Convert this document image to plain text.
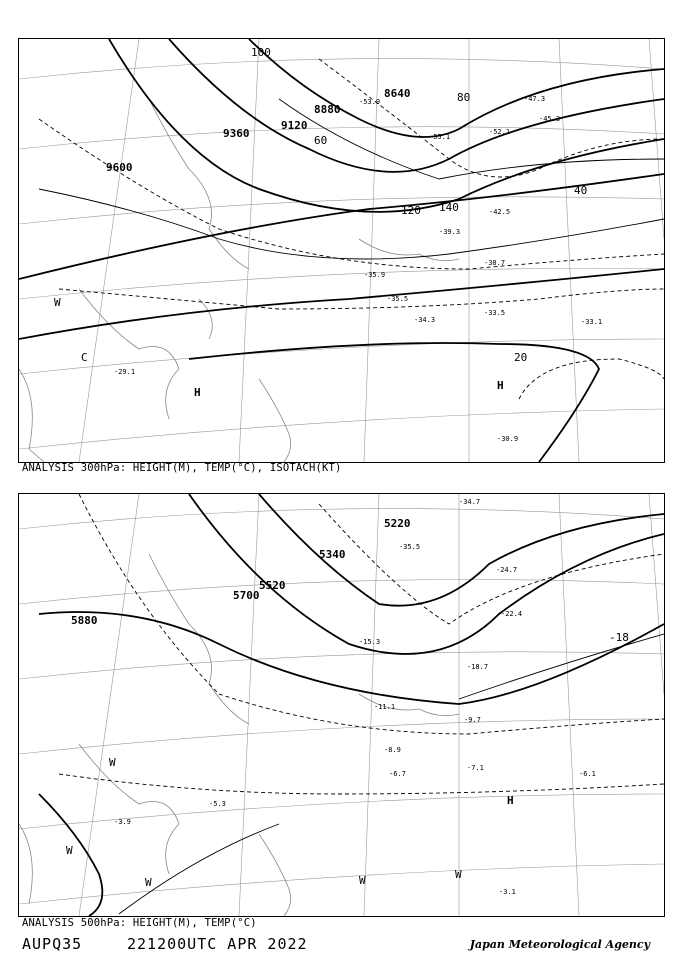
9600
9360
9120
8880
8640
100
80
60
40
20
120 140
-39.3
-35.9
-35.5
-33.5
-34.3	-33.1
-30.9
-29.1
-38.7
-42.5
-47.3
-52.1
-55.1
-45.3
-53.9
H
H
W
C
ANALYSIS 300hPa: HEIGHT(M), TEMP(°C), ISOTACH(KT)
5880
5700
5520
5340
5220
-18
-24.7
-22.4
-18.7
-9.7
-7.1
-6.7	-6.1
-3.1
-3.9
-5.3
-8.9
-11.1
-15.3
-35.5
-34.7
H
W
W
W	W	W
ANALYSIS 500hPa: HEIGHT(M), TEMP(°C)
AUPQ35	221200UTC APR 2022	Japan Meteorological Agency
